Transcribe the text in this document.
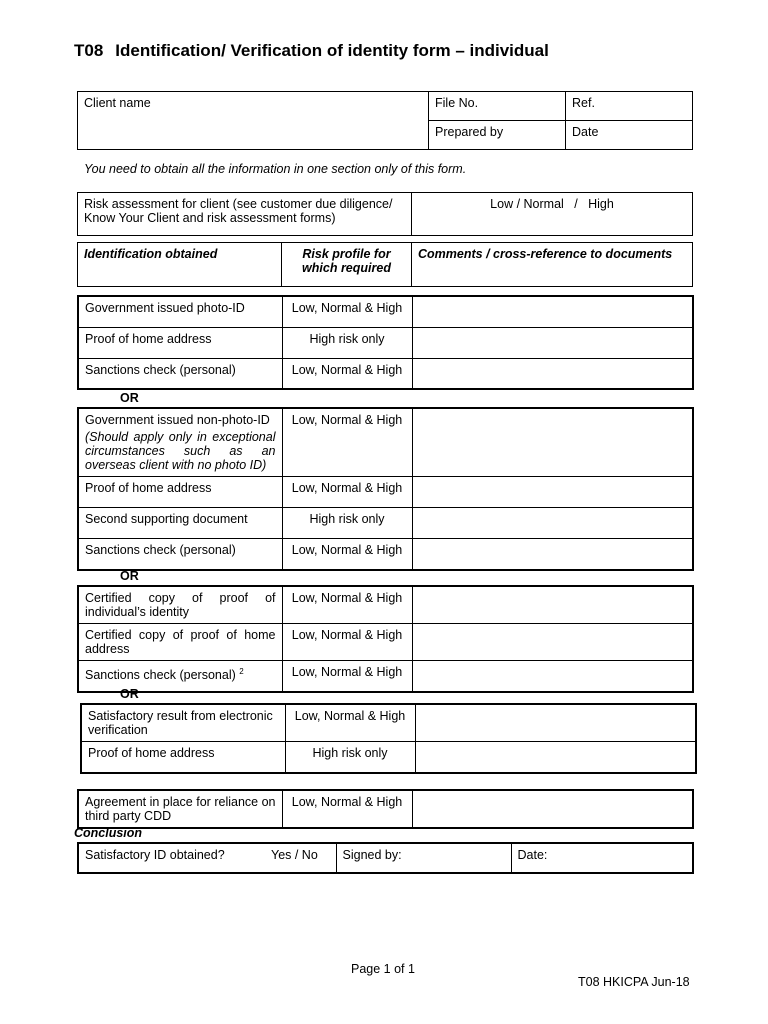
T08 Identification/ Verification of identity form – individual
Client name	File No.	Ref.
	Prepared by	Date
You need to obtain all the information in one section only of this form.
Risk assessment for client (see customer due diligence/ Know Your Client and risk assessment forms)	Low / Normal   /   High
Identification obtained	Risk profile for which required	Comments / cross-reference to documents
Government issued photo-ID	Low, Normal & High	
Proof of home address	High risk only	
Sanctions check (personal)	Low, Normal & High	
OR
Government issued non-photo-ID
(Should apply only in exceptional circumstances such as an overseas client with no photo ID)	Low, Normal & High	
Proof of home address	Low, Normal & High	
Second supporting document	High risk only	
Sanctions check (personal)	Low, Normal & High	
OR
Certified copy of proof of individual’s identity	Low, Normal & High	
Certified copy of proof of home address	Low, Normal & High	
Sanctions check (personal) $^2$	Low, Normal & High	
OR
Satisfactory result from electronic verification	Low, Normal & High	
Proof of home address	High risk only	
Agreement in place for reliance on third party CDD	Low, Normal & High	
Conclusion
Satisfactory ID obtained?	Yes / No	Signed by:	Date:
Page 1 of 1
T08 HKICPA Jun-18
